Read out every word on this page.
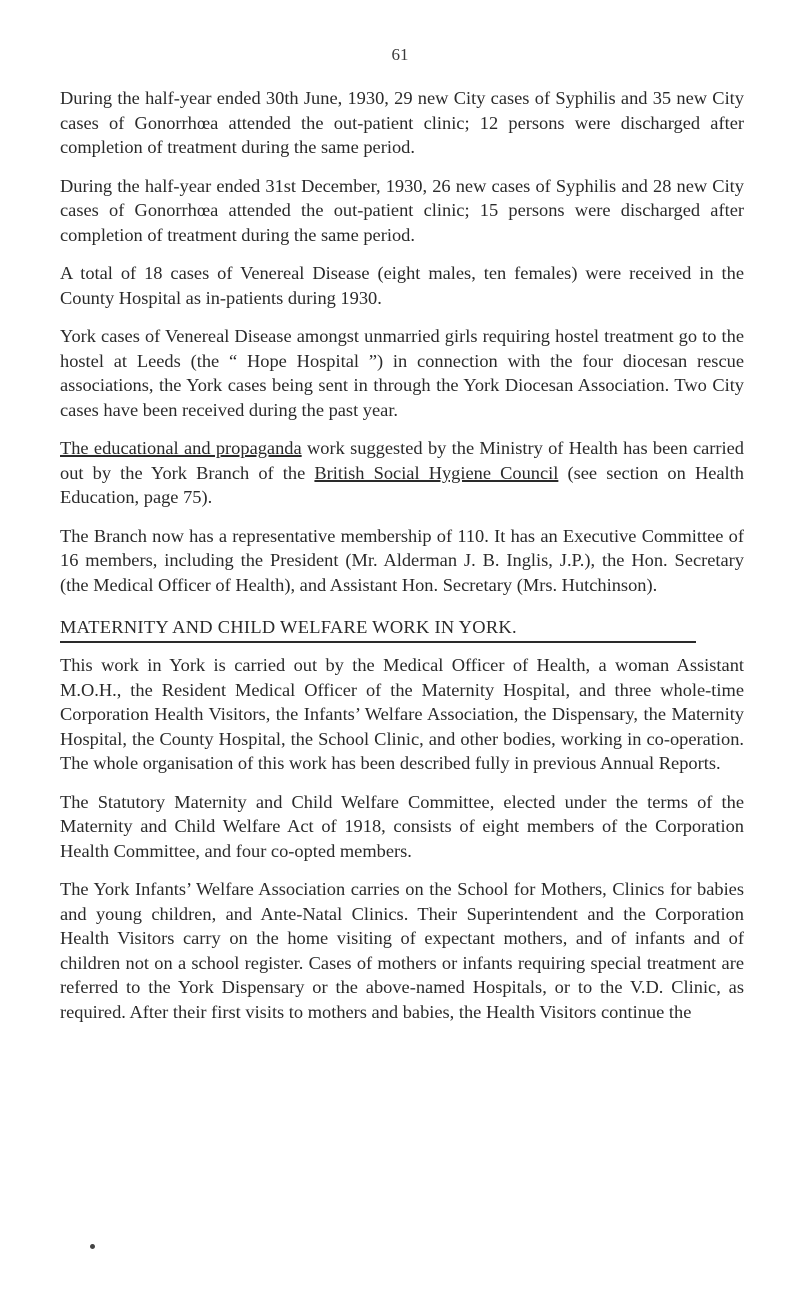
61

During the half-year ended 30th June, 1930, 29 new City cases of Syphilis and 35 new City cases of Gonorrhœa attended the out-patient clinic; 12 persons were discharged after completion of treatment during the same period.

During the half-year ended 31st December, 1930, 26 new cases of Syphilis and 28 new City cases of Gonorrhœa attended the out-patient clinic; 15 persons were discharged after completion of treatment during the same period.

A total of 18 cases of Venereal Disease (eight males, ten females) were received in the County Hospital as in-patients during 1930.

York cases of Venereal Disease amongst unmarried girls requiring hostel treatment go to the hostel at Leeds (the “ Hope Hospital ”) in connection with the four diocesan rescue associations, the York cases being sent in through the York Diocesan Association. Two City cases have been received during the past year.

The educational and propaganda work suggested by the Ministry of Health has been carried out by the York Branch of the British Social Hygiene Council (see section on Health Education, page 75).

The Branch now has a representative membership of 110. It has an Executive Committee of 16 members, including the President (Mr. Alderman J. B. Inglis, J.P.), the Hon. Secretary (the Medical Officer of Health), and Assistant Hon. Secretary (Mrs. Hutchinson).

MATERNITY AND CHILD WELFARE WORK IN YORK.

This work in York is carried out by the Medical Officer of Health, a woman Assistant M.O.H., the Resident Medical Officer of the Maternity Hospital, and three whole-time Corporation Health Visitors, the Infants’ Welfare Association, the Dispensary, the Maternity Hospital, the County Hospital, the School Clinic, and other bodies, working in co-operation. The whole organisation of this work has been described fully in previous Annual Reports.

The Statutory Maternity and Child Welfare Committee, elected under the terms of the Maternity and Child Welfare Act of 1918, consists of eight members of the Corporation Health Committee, and four co-opted members.

The York Infants’ Welfare Association carries on the School for Mothers, Clinics for babies and young children, and Ante-Natal Clinics. Their Superintendent and the Corporation Health Visitors carry on the home visiting of expectant mothers, and of infants and of children not on a school register. Cases of mothers or infants requiring special treatment are referred to the York Dispensary or the above-named Hospitals, or to the V.D. Clinic, as required. After their first visits to mothers and babies, the Health Visitors continue the
